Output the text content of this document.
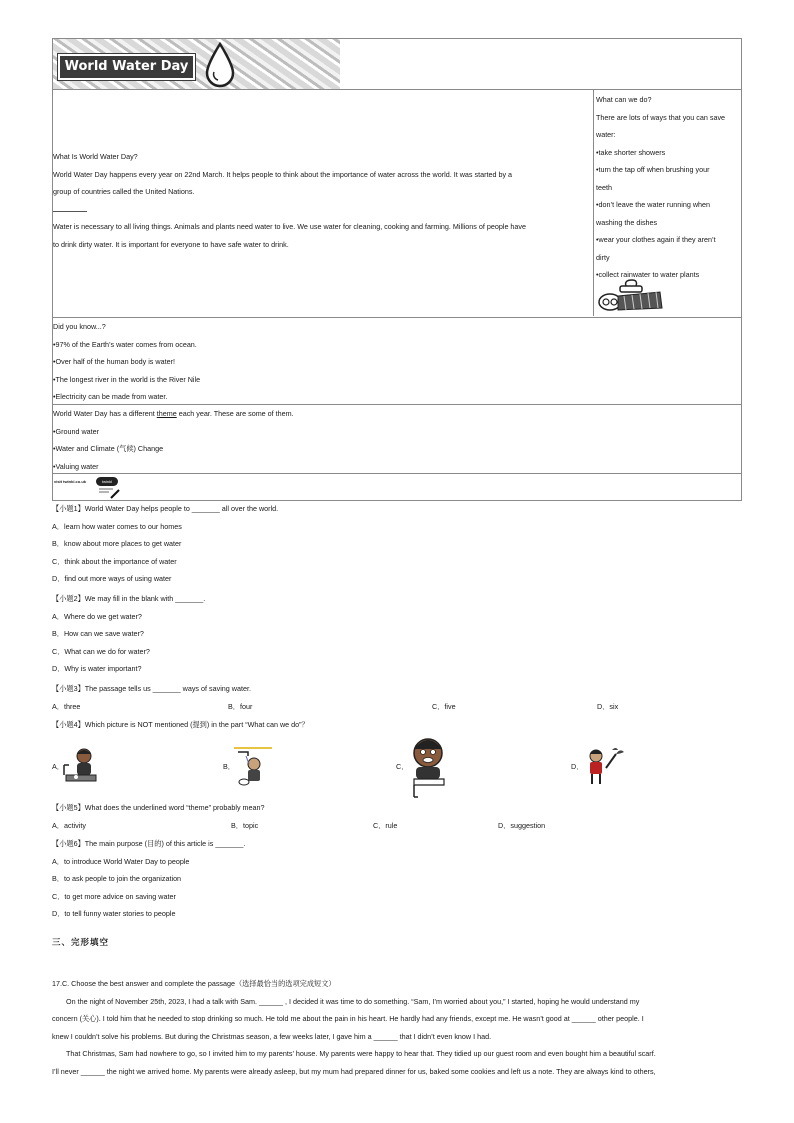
World Water Day
What Is World Water Day?
World Water Day happens every year on 22nd March. It helps people to think about the importance of water across the world. It was started by a
group of countries called the United Nations.
Water is necessary to all living things. Animals and plants need water to live. We use water for cleaning, cooking and farming. Millions of people have
to drink dirty water. It is important for everyone to have safe water to drink.
What can we do?
There are lots of ways that you can save
water:
•take shorter showers
•turn the tap off when brushing your
teeth
•don’t leave the water running when
washing the dishes
•wear your clothes again if they aren’t
dirty
•collect rainwater to water plants
Did you know...?
•97% of the Earth’s water comes from ocean.
•Over half of the human body is water!
•The longest river in the world is the River Nile
•Electricity can be made from water.
World Water Day has a different theme each year. These are some of them.
•Ground water
•Water and Climate (气候) Change
•Valuing water
visit twinkl.co.uk	twinkl
【小题1】World Water Day helps people to _______ all over the world.
A．learn how water comes to our homes
B．know about more places to get water
C．think about the importance of water
D．find out more ways of using water
【小题2】We may fill in the blank with _______.
A．Where do we get water?
B．How can we save water?
C．What can we do for water?
D．Why is water important?
【小题3】The passage tells us _______ ways of saving water.
A．three	B．four	C．five	D．six
【小题4】Which picture is NOT mentioned (提到) in the part “What can we do”？
A．	B．	C．	D．
【小题5】What does the underlined word “theme” probably mean?
A．activity	B．topic	C．rule	D．suggestion
【小题6】The main purpose (目的) of this article is _______.
A．to introduce World Water Day to people
B．to ask people to join the organization
C．to get more advice on saving water
D．to tell funny water stories to people
三、完形填空
17.C. Choose the best answer and complete the passage（选择最恰当的选项完成短文）
On the night of November 25th, 2023, I had a talk with Sam. ______ , I decided it was time to do something. “Sam, I’m worried about you,” I started, hoping he would understand my
concern (关心). I told him that he needed to stop drinking so much. He told me about the pain in his heart. He hardly had any friends, except me. He wasn’t good at ______ other people. I
knew I couldn’t solve his problems. But during the Christmas season, a few weeks later, I gave him a ______ that I didn’t even know I had.
That Christmas, Sam had nowhere to go, so I invited him to my parents’ house. My parents were happy to hear that. They tidied up our guest room and even bought him a beautiful scarf.
I’ll never ______ the night we arrived home. My parents were already asleep, but my mum had prepared dinner for us, baked some cookies and left us a note. They are always kind to others,
